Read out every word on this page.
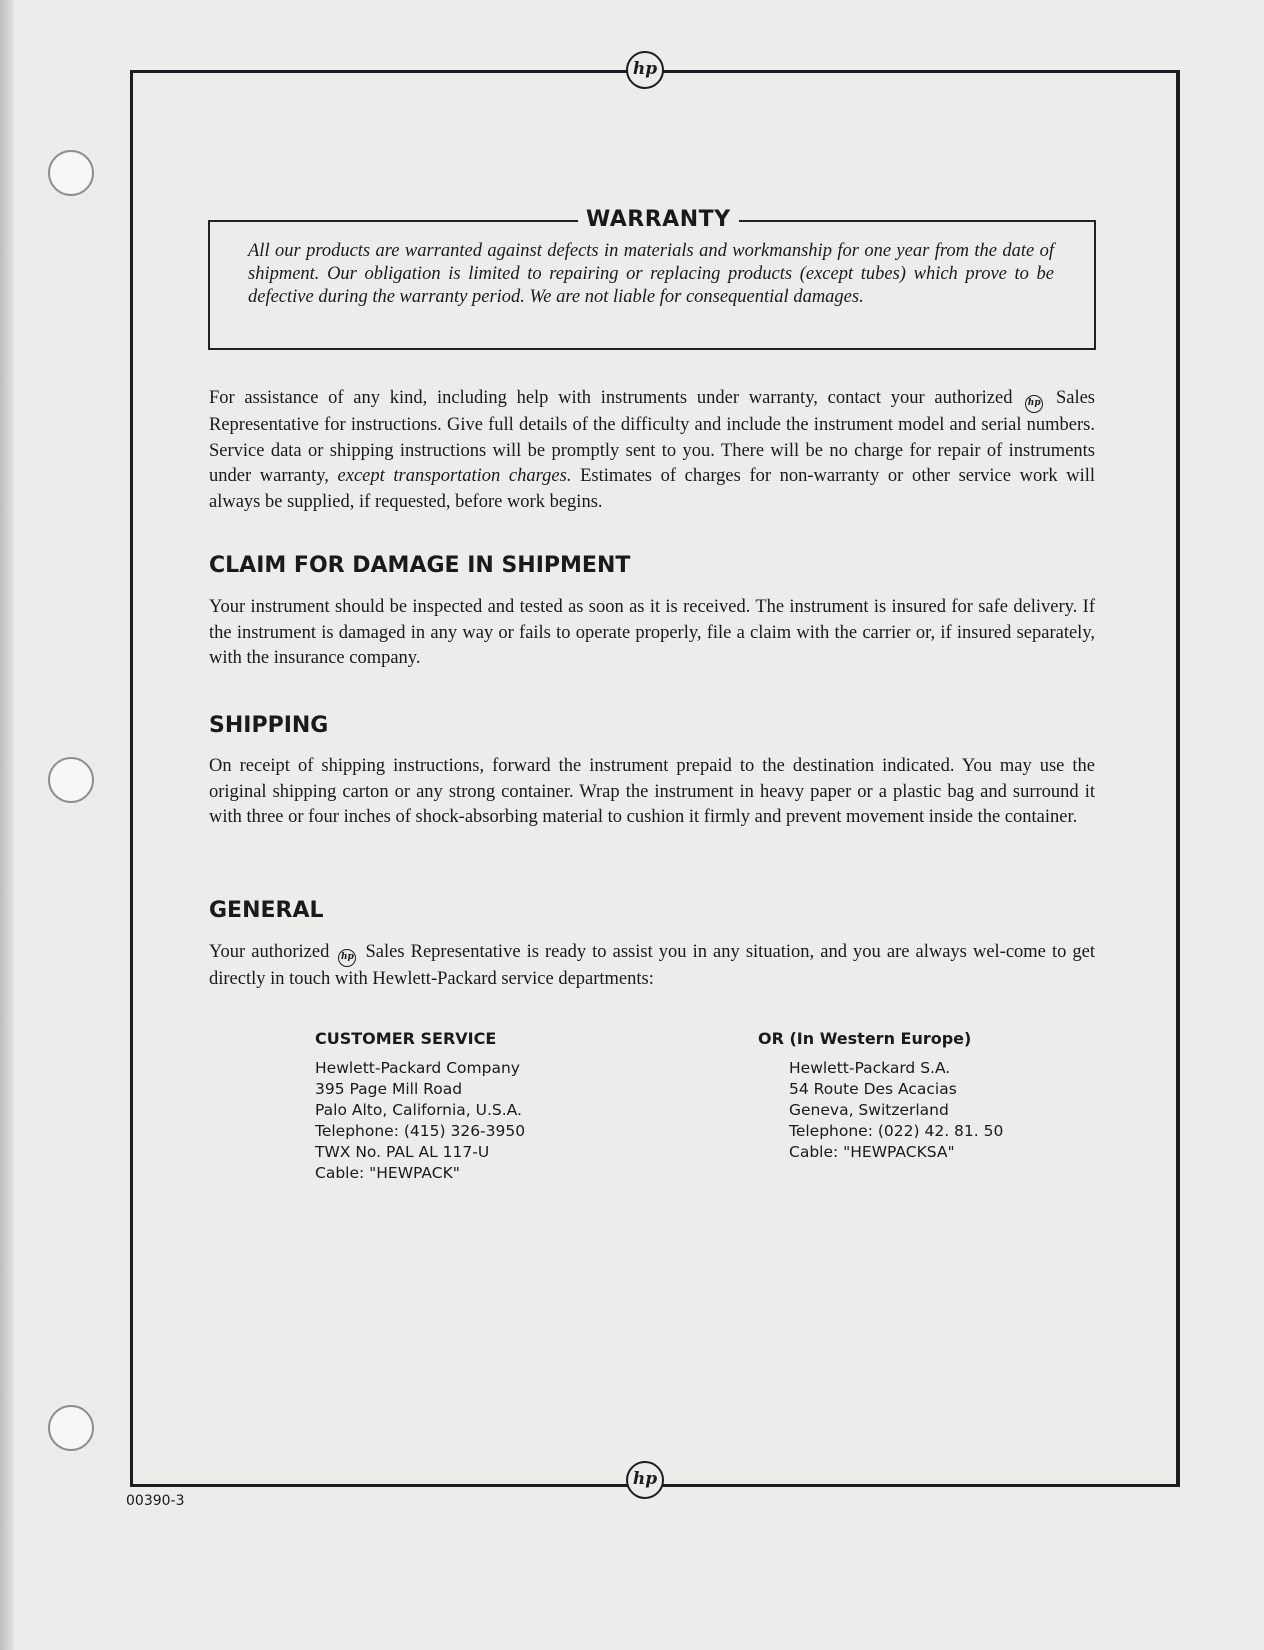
hp
hp
WARRANTY
All our products are warranted against defects in materials and workmanship for one year from the date of shipment. Our obligation is limited to repairing or replacing products (except tubes) which prove to be defective during the warranty period. We are not liable for consequential damages.
For assistance of any kind, including help with instruments under warranty, contact your authorized hp Sales Representative for instructions. Give full details of the difficulty and include the instrument model and serial numbers. Service data or shipping instructions will be promptly sent to you. There will be no charge for repair of instruments under warranty, except transportation charges. Estimates of charges for non-warranty or other service work will always be supplied, if requested, before work begins.
CLAIM FOR DAMAGE IN SHIPMENT
Your instrument should be inspected and tested as soon as it is received. The instrument is insured for safe delivery. If the instrument is damaged in any way or fails to operate properly, file a claim with the carrier or, if insured separately, with the insurance company.
SHIPPING
On receipt of shipping instructions, forward the instrument prepaid to the destination indicated. You may use the original shipping carton or any strong container. Wrap the instrument in heavy paper or a plastic bag and surround it with three or four inches of shock-absorbing material to cushion it firmly and prevent movement inside the container.
GENERAL
Your authorized hp Sales Representative is ready to assist you in any situation, and you are always wel-come to get directly in touch with Hewlett-Packard service departments:
CUSTOMER SERVICE
Hewlett-Packard Company
395 Page Mill Road
Palo Alto, California, U.S.A.
Telephone: (415) 326-3950
TWX No. PAL AL 117-U
Cable: "HEWPACK"
OR (In Western Europe)
Hewlett-Packard S.A.
54 Route Des Acacias
Geneva, Switzerland
Telephone: (022) 42. 81. 50
Cable: "HEWPACKSA"
00390-3
